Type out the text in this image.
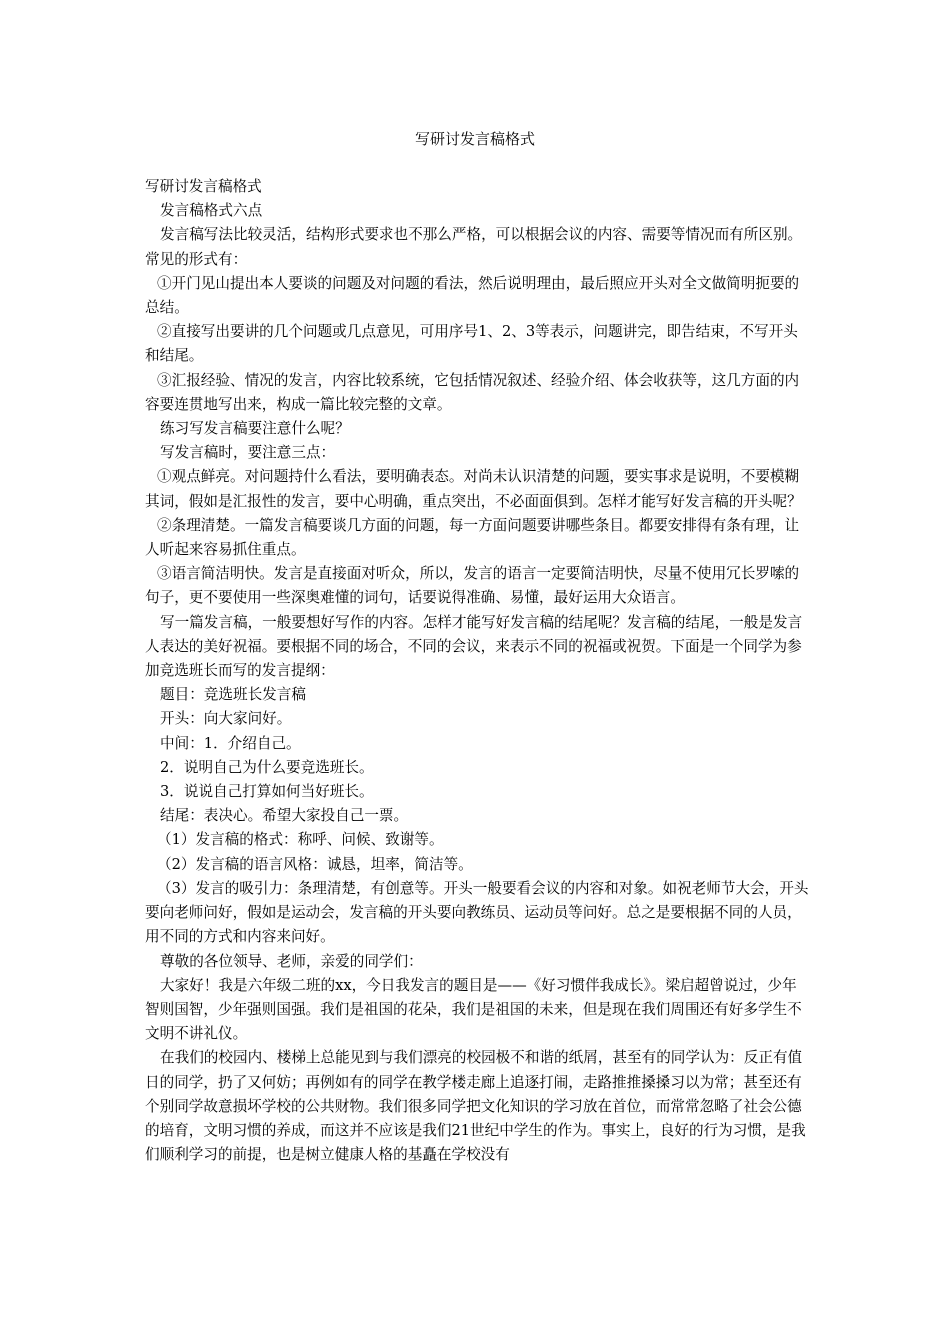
写研讨发言稿格式

写研讨发言稿格式

发言稿格式六点

发言稿写法比较灵活，结构形式要求也不那么严格，可以根据会议的内容、需要等情况而有所区别。常见的形式有：

①开门见山提出本人要谈的问题及对问题的看法，然后说明理由，最后照应开头对全文做简明扼要的总结。

②直接写出要讲的几个问题或几点意见，可用序号1、2、3等表示，问题讲完，即告结束，不写开头和结尾。

③汇报经验、情况的发言，内容比较系统，它包括情况叙述、经验介绍、体会收获等，这几方面的内容要连贯地写出来，构成一篇比较完整的文章。

练习写发言稿要注意什么呢？

写发言稿时，要注意三点：

①观点鲜亮。对问题持什么看法，要明确表态。对尚未认识清楚的问题，要实事求是说明，不要模糊其词，假如是汇报性的发言，要中心明确，重点突出，不必面面俱到。怎样才能写好发言稿的开头呢？

②条理清楚。一篇发言稿要谈几方面的问题，每一方面问题要讲哪些条目。都要安排得有条有理，让人听起来容易抓住重点。

③语言简洁明快。发言是直接面对听众，所以，发言的语言一定要简洁明快，尽量不使用冗长罗嗦的句子，更不要使用一些深奥难懂的词句，话要说得准确、易懂，最好运用大众语言。

写一篇发言稿，一般要想好写作的内容。怎样才能写好发言稿的结尾呢？发言稿的结尾，一般是发言人表达的美好祝福。要根据不同的场合，不同的会议，来表示不同的祝福或祝贺。下面是一个同学为参加竞选班长而写的发言提纲：

题目：竞选班长发言稿

开头：向大家问好。

中间：1．介绍自己。

2．说明自己为什么要竞选班长。

3．说说自己打算如何当好班长。

结尾：表决心。希望大家投自己一票。

（1）发言稿的格式：称呼、问候、致谢等。

（2）发言稿的语言风格：诚恳，坦率，简洁等。

（3）发言的吸引力：条理清楚，有创意等。开头一般要看会议的内容和对象。如祝老师节大会，开头要向老师问好，假如是运动会，发言稿的开头要向教练员、运动员等问好。总之是要根据不同的人员，用不同的方式和内容来问好。

尊敬的各位领导、老师，亲爱的同学们：

大家好！我是六年级二班的xx，今日我发言的题目是——《好习惯伴我成长》。梁启超曾说过，少年智则国智，少年强则国强。我们是祖国的花朵，我们是祖国的未来，但是现在我们周围还有好多学生不文明不讲礼仪。

在我们的校园内、楼梯上总能见到与我们漂亮的校园极不和谐的纸屑，甚至有的同学认为：反正有值日的同学，扔了又何妨；再例如有的同学在教学楼走廊上追逐打闹，走路推推搡搡习以为常；甚至还有个别同学故意损坏学校的公共财物。我们很多同学把文化知识的学习放在首位，而常常忽略了社会公德的培育，文明习惯的养成，而这并不应该是我们21世纪中学生的作为。事实上，良好的行为习惯，是我们顺利学习的前提，也是树立健康人格的基矗在学校没有
